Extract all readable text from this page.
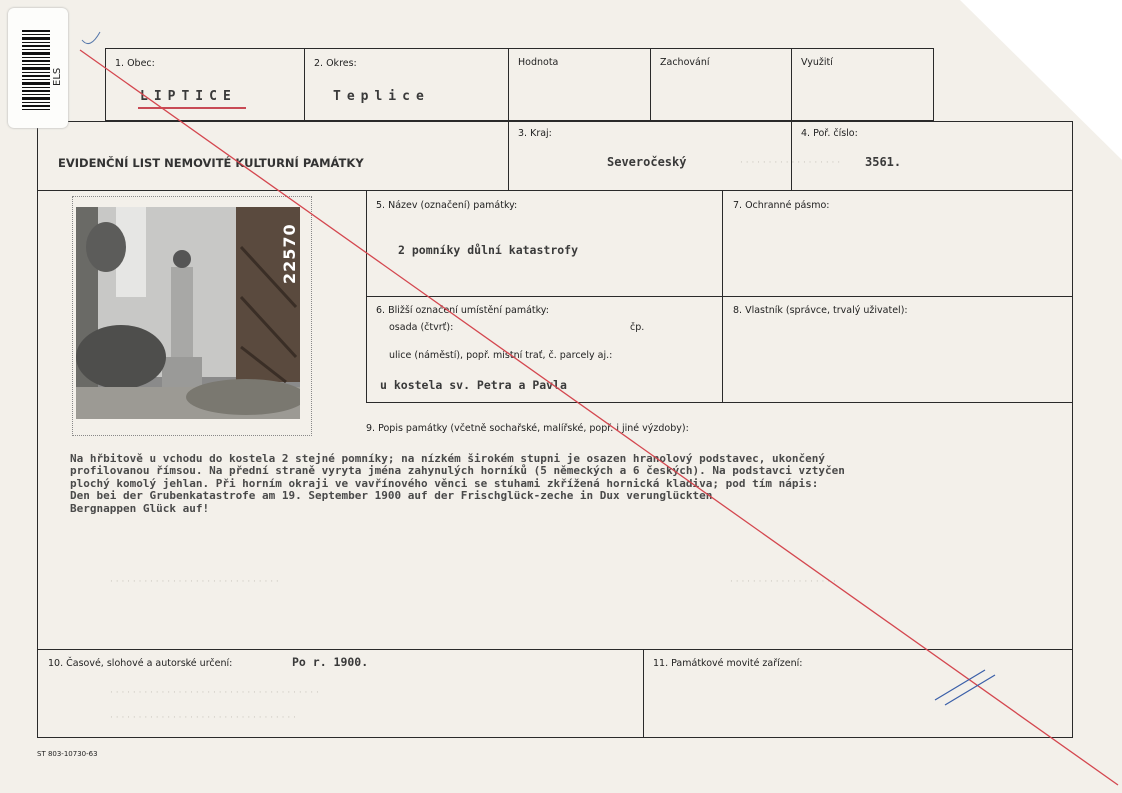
· · · · · · · · · · · · · · · · · ·
· · · · · · · · · · · · · · · · · · · · · · · · · · · · · ·	· · · · · · · · · · · · · · · · · · ·
· · · · · · · · · · · · · · · · · · · · · · · · · · · · · · · · · · · · ·
· · · · · · · · · · · · · · · · · · · · · · · · · · · · · · · · ·
1. Obec:
LIPTICE
2. Okres:
Teplice
Hodnota	Zachování	Využití
EVIDENČNÍ LIST NEMOVITÉ KULTURNÍ PAMÁTKY
3. Kraj:
Severočeský
4. Poř. číslo:
3561.
5. Název (označení) památky:
2 pomníky důlní katastrofy
7. Ochranné pásmo:
6. Bližší označení umístění památky:
osada (čtvrť):	čp.
ulice (náměstí), popř. místní trať, č. parcely aj.:
u kostela sv. Petra a Pavla
8. Vlastník (správce, trvalý uživatel):
9. Popis památky (včetně sochařské, malířské, popř. i jiné výzdoby):
Na hřbitově u vchodu do kostela 2 stejné pomníky; na nízkém širokém stupni je osazen hranolový podstavec, ukončený
profilovanou římsou. Na přední straně vyryta jména zahynulých horníků (5 německých a 6 českých). Na podstavci vztyčen
plochý komolý jehlan. Při horním okraji ve vavřínového věnci se stuhami zkřížená hornická kladiva; pod tím nápis:
Den bei der Grubenkatastrofe am 19. September 1900 auf der Frischglück-zeche in Dux verunglückten
Bergnappen Glück auf!
10. Časové, slohové a autorské určení:	Po r. 1900.	11. Památkové movité zařízení:
ST 803-10730-63
22570
ELS
